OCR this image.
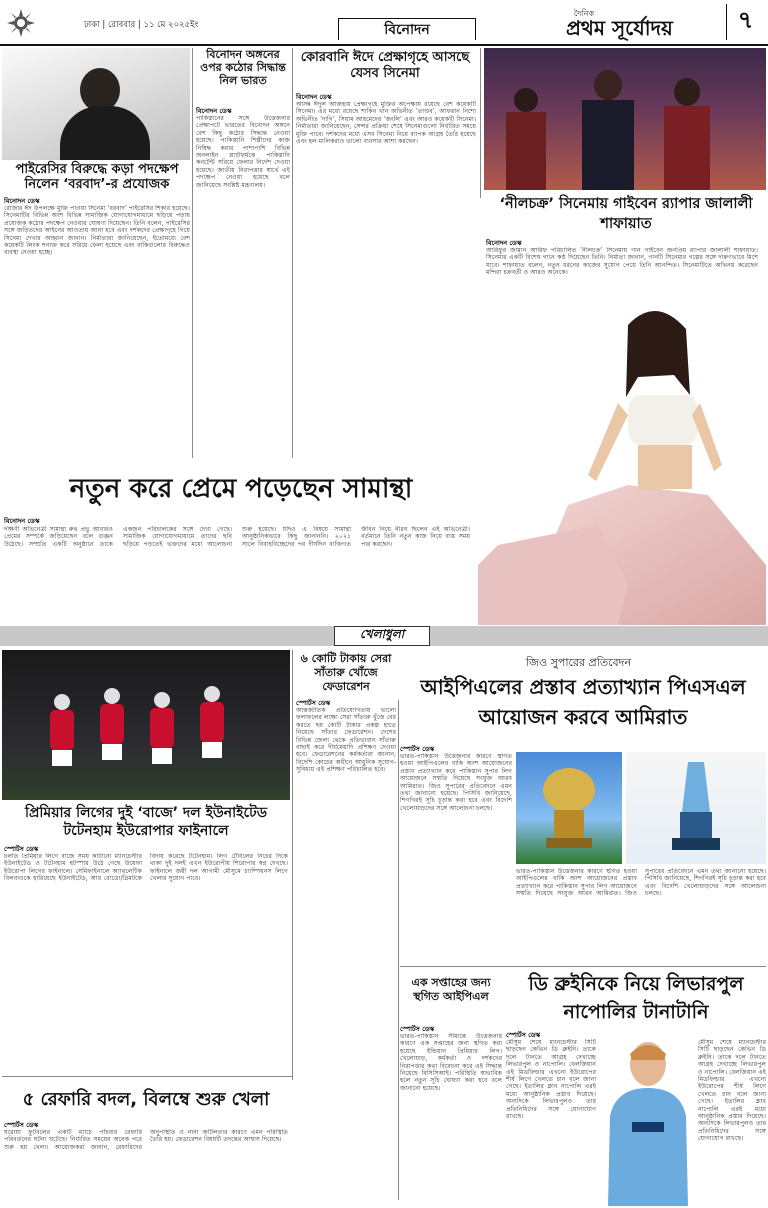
ঢাকা | রোববার | ১১ মে ২০২৫ইং
দৈনিক
প্রথম সূর্যোদয়	৭
বিনোদন
পাইরেসির বিরুদ্ধে কড়া পদক্ষেপ নিলেন ‘বরবাদ’-র প্রযোজক
বিনোদন ডেস্ক
রোজার ঈদ উপলক্ষে মুক্তি পাওয়া সিনেমা ‘বরবাদ’ পাইরেসির শিকার হয়েছে। সিনেমাটির বিভিন্ন অংশ বিভিন্ন সামাজিক যোগাযোগমাধ্যমে ছড়িয়ে পড়ায় প্রযোজক কঠোর পদক্ষেপ নেওয়ার ঘোষণা দিয়েছেন। তিনি বলেন, পাইরেসির সঙ্গে জড়িতদের আইনের আওতায় আনা হবে এবং দর্শকদের প্রেক্ষাগৃহে গিয়ে সিনেমা দেখার আহ্বান জানান। নির্মাতারা জানিয়েছেন, ইতোমধ্যে বেশ কয়েকটি লিংক শনাক্ত করে সরিয়ে ফেলা হয়েছে এবং বাকিগুলোর বিরুদ্ধেও ব্যবস্থা নেওয়া হচ্ছে।
বিনোদন অঙ্গনের ওপর কঠোর সিদ্ধান্ত নিল ভারত
বিনোদন ডেস্ক
পাকিস্তানের সঙ্গে উত্তেজনার প্রেক্ষাপটে ভারতের বিনোদন অঙ্গনে বেশ কিছু কঠোর সিদ্ধান্ত নেওয়া হয়েছে। পাকিস্তানি শিল্পীদের কাজ নিষিদ্ধ করার পাশাপাশি বিভিন্ন অনলাইন প্ল্যাটফর্মকে পাকিস্তানি কনটেন্ট সরিয়ে ফেলার নির্দেশ দেওয়া হয়েছে। জাতীয় নিরাপত্তার স্বার্থে এই পদক্ষেপ নেওয়া হয়েছে বলে জানিয়েছে সংশ্লিষ্ট মন্ত্রণালয়।
কোরবানি ঈদে প্রেক্ষাগৃহে আসছে যেসব সিনেমা
বিনোদন ডেস্ক
আসন্ন ঈদুল আজহায় প্রেক্ষাগৃহে মুক্তির অপেক্ষায় রয়েছে বেশ কয়েকটি সিনেমা। এর মধ্যে রয়েছে শাকিব খান অভিনীত ‘তাণ্ডব’, আফরান নিশো অভিনীত ‘দাগি’, সিয়াম আহমেদের ‘জংলি’ এবং আরও কয়েকটি সিনেমা। নির্মাতারা জানিয়েছেন, সেন্সর প্রক্রিয়া শেষে সিনেমাগুলো নির্ধারিত সময়ে মুক্তি পাবে। দর্শকদের মধ্যে এসব সিনেমা নিয়ে ব্যাপক আগ্রহ তৈরি হয়েছে এবং হল মালিকরাও ভালো ব্যবসার আশা করছেন।
‘নীলচক্র’ সিনেমায় গাইবেন র‍্যাপার জালালী শাফায়াত
বিনোদন ডেস্ক
আরিফুর জামান আরিফ পরিচালিত ‘নীলচক্র’ সিনেমায় গান গাইবেন জনপ্রিয় র‍্যাপার জালালী শাফায়াত। সিনেমার একটি বিশেষ গানে কণ্ঠ দিয়েছেন তিনি। নির্মাতা জানান, গানটি সিনেমার গল্পের সঙ্গে দারুণভাবে মিশে যাবে। শাফায়াত বলেন, নতুন ধরনের কাজের সুযোগ পেয়ে তিনি আনন্দিত। সিনেমাটিতে অভিনয় করেছেন মন্দিরা চক্রবর্তী ও আরও অনেকে।
নতুন করে প্রেমে পড়েছেন সামান্থা
বিনোদন ডেস্ক
দক্ষিণী অভিনেত্রী সামান্থা রুথ প্রভু আবারও প্রেমের সম্পর্কে জড়িয়েছেন বলে গুঞ্জন উঠেছে। সম্প্রতি একটি অনুষ্ঠানে তাকে একজন পরিচালকের সঙ্গে দেখা গেছে। সামাজিক যোগাযোগমাধ্যমে তাদের ছবি ছড়িয়ে পড়তেই ভক্তদের মধ্যে আলোচনা শুরু হয়েছে। যদিও এ বিষয়ে সামান্থা আনুষ্ঠানিকভাবে কিছু জানাননি। ২০২১ সালে বিবাহবিচ্ছেদের পর দীর্ঘদিন ব্যক্তিগত জীবন নিয়ে নীরব ছিলেন এই অভিনেত্রী। বর্তমানে তিনি নতুন কাজ নিয়ে ব্যস্ত সময় পার করছেন।
খেলাধুলা
প্রিমিয়ার লিগের দুই ‘বাজে’ দল ইউনাইটেড টটেনহাম ইউরোপার ফাইনালে
স্পোর্টস ডেস্ক
চলতি প্রিমিয়ার লিগে বাজে সময় কাটানো ম্যানচেস্টার ইউনাইটেড ও টটেনহাম হটস্পার উঠে গেছে উয়েফা ইউরোপা লিগের ফাইনালে। সেমিফাইনালে অ্যাথলেটিক বিলবাওকে হারিয়েছে ইউনাইটেড, আর বোডো/গ্লিমটকে বিদায় করেছে টটেনহাম। লিগ টেবিলের নিচের দিকে থাকা দুই দলই এখন ইউরোপীয় শিরোপার স্বপ্ন দেখছে। ফাইনালে জয়ী দল আগামী মৌসুমে চ্যাম্পিয়নস লিগে খেলার সুযোগ পাবে।
৬ কোটি টাকায় সেরা সাঁতারু খোঁজে ফেডারেশন
স্পোর্টস ডেস্ক
আন্তর্জাতিক প্রতিযোগিতায় ভালো ফলাফলের লক্ষ্যে সেরা সাঁতারু খুঁজে বের করতে ছয় কোটি টাকার প্রকল্প হাতে নিয়েছে সাঁতার ফেডারেশন। দেশের বিভিন্ন জেলা থেকে প্রতিভাবান সাঁতারু বাছাই করে দীর্ঘমেয়াদি প্রশিক্ষণ দেওয়া হবে। ফেডারেশনের কর্মকর্তারা জানান, বিদেশি কোচের অধীনে আধুনিক সুযোগ-সুবিধায় এই প্রশিক্ষণ পরিচালিত হবে।
এক সপ্তাহের জন্য স্থগিত আইপিএল
স্পোর্টস ডেস্ক
ভারত-পাকিস্তান সীমান্তে উত্তেজনার কারণে এক সপ্তাহের জন্য স্থগিত করা হয়েছে ইন্ডিয়ান প্রিমিয়ার লিগ। খেলোয়াড়, কর্মকর্তা ও দর্শকদের নিরাপত্তার কথা বিবেচনা করে এই সিদ্ধান্ত নিয়েছে বিসিসিআই। পরিস্থিতি স্বাভাবিক হলে নতুন সূচি ঘোষণা করা হবে বলে জানানো হয়েছে।
জিও সুপারের প্রতিবেদন
আইপিএলের প্রস্তাব প্রত্যাখ্যান পিএসএল আয়োজন করবে আমিরাত
স্পোর্টস ডেস্ক
ভারত-পাকিস্তান উত্তেজনার কারণে স্থগিত হওয়া আইপিএলের বাকি অংশ আয়োজনের প্রস্তাব প্রত্যাখ্যান করে পাকিস্তান সুপার লিগ আয়োজনে সম্মতি দিয়েছে সংযুক্ত আরব আমিরাত। জিও সুপারের প্রতিবেদনে এমন তথ্য জানানো হয়েছে। পিসিবি জানিয়েছে, শিগগিরই সূচি চূড়ান্ত করা হবে এবং বিদেশি খেলোয়াড়দের সঙ্গে আলোচনা চলছে।
ভারত-পাকিস্তান উত্তেজনার কারণে স্থগিত হওয়া আইপিএলের বাকি অংশ আয়োজনের প্রস্তাব প্রত্যাখ্যান করে পাকিস্তান সুপার লিগ আয়োজনে সম্মতি দিয়েছে সংযুক্ত আরব আমিরাত। জিও সুপারের প্রতিবেদনে এমন তথ্য জানানো হয়েছে। পিসিবি জানিয়েছে, শিগগিরই সূচি চূড়ান্ত করা হবে এবং বিদেশি খেলোয়াড়দের সঙ্গে আলোচনা চলছে।
ডি ব্রুইনিকে নিয়ে লিভারপুল নাপোলির টানাটানি
স্পোর্টস ডেস্ক
মৌসুম শেষে ম্যানচেস্টার সিটি ছাড়ছেন কেভিন ডি ব্রুইনি। তাকে দলে টানতে আগ্রহ দেখাচ্ছে লিভারপুল ও নাপোলি। বেলজিয়ান এই মিডফিল্ডার এখনো ইউরোপের শীর্ষ লিগে খেলতে চান বলে জানা গেছে। ইতালির ক্লাব নাপোলি এরই মধ্যে আনুষ্ঠানিক প্রস্তাব দিয়েছে। অন্যদিকে লিভারপুলও তার প্রতিনিধিদের সঙ্গে যোগাযোগ রাখছে।
মৌসুম শেষে ম্যানচেস্টার সিটি ছাড়ছেন কেভিন ডি ব্রুইনি। তাকে দলে টানতে আগ্রহ দেখাচ্ছে লিভারপুল ও নাপোলি। বেলজিয়ান এই মিডফিল্ডার এখনো ইউরোপের শীর্ষ লিগে খেলতে চান বলে জানা গেছে। ইতালির ক্লাব নাপোলি এরই মধ্যে আনুষ্ঠানিক প্রস্তাব দিয়েছে। অন্যদিকে লিভারপুলও তার প্রতিনিধিদের সঙ্গে যোগাযোগ রাখছে।
৫ রেফারি বদল, বিলম্বে শুরু খেলা
স্পোর্টস ডেস্ক
ঘরোয়া ফুটবলের একটি ম্যাচে পাঁচবার রেফারি পরিবর্তনের ঘটনা ঘটেছে। নির্ধারিত সময়ের অনেক পরে শুরু হয় খেলা। আয়োজকরা জানান, রেফারিদের অনুপস্থিতি ও নানা জটিলতার কারণে এমন পরিস্থিতি তৈরি হয়। ফেডারেশন বিষয়টি তদন্তের আশ্বাস দিয়েছে।
